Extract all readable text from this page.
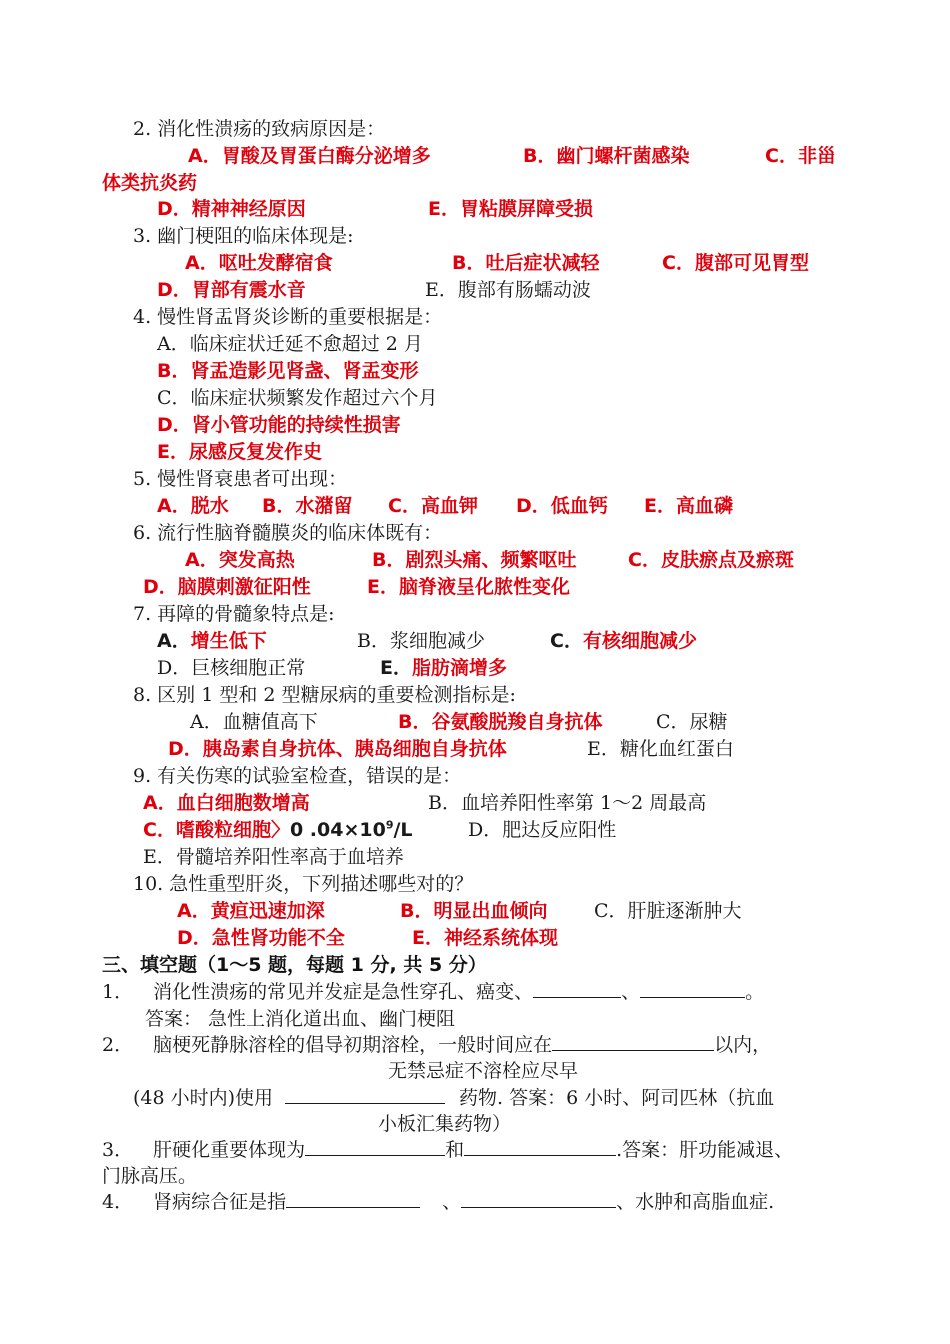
2. 消化性溃疡的致病原因是：
A．胃酸及胃蛋白酶分泌增多	B．幽门螺杆菌感染	C．非甾
体类抗炎药
D．精神神经原因	E．胃粘膜屏障受损
3. 幽门梗阻的临床体现是:
A．呕吐发酵宿食	B．吐后症状减轻	C．腹部可见胃型
D．胃部有震水音	E．腹部有肠蠕动波
4. 慢性肾盂肾炎诊断的重要根据是：
A．临床症状迁延不愈超过 2 月
B．肾盂造影见肾盏、肾盂变形
C．临床症状频繁发作超过六个月
D．肾小管功能的持续性损害
E．尿感反复发作史
5. 慢性肾衰患者可出现：
A．脱水 B．水潴留 C．高血钾 D．低血钙 E．高血磷
6. 流行性脑脊髓膜炎的临床体既有：
A．突发高热	B．剧烈头痛、频繁呕吐	C．皮肤瘀点及瘀斑
D．脑膜刺激征阳性	E．脑脊液呈化脓性变化
7. 再障的骨髓象特点是:
A．增生低下	B．浆细胞减少	C．有核细胞减少
D．巨核细胞正常	E．脂肪滴增多
8. 区别 1 型和 2 型糖尿病的重要检测指标是:
A．血糖值高下	B．谷氨酸脱羧自身抗体	C．尿糖
D．胰岛素自身抗体、胰岛细胞自身抗体	E．糖化血红蛋白
9. 有关伤寒的试验室检查，错误的是：
A．血白细胞数增高	B．血培养阳性率第 1～2 周最高
C．嗜酸粒细胞〉0 $.04\times 10^9/L$	D．肥达反应阳性
E．骨髓培养阳性率高于血培养
10. 急性重型肝炎，下列描述哪些对的？
A．黄疸迅速加深	B．明显出血倾向 C．肝脏逐渐肿大
D．急性肾功能不全	E．神经系统体现
三、填空题（1～5 题，每题 1 分, 共 5 分）
1． 消化性溃疡的常见并发症是急性穿孔、癌变、	、	。
答案： 急性上消化道出血、幽门梗阻
2． 脑梗死静脉溶栓的倡导初期溶栓，一般时间应在	以内，
无禁忌症不溶栓应尽早
(48 小时内)使用	药物. 答案：6 小时、阿司匹林（抗血
小板汇集药物）
3． 肝硬化重要体现为	和	.答案：肝功能减退、
门脉高压。
4． 肾病综合征是指	、	、水肿和高脂血症.
